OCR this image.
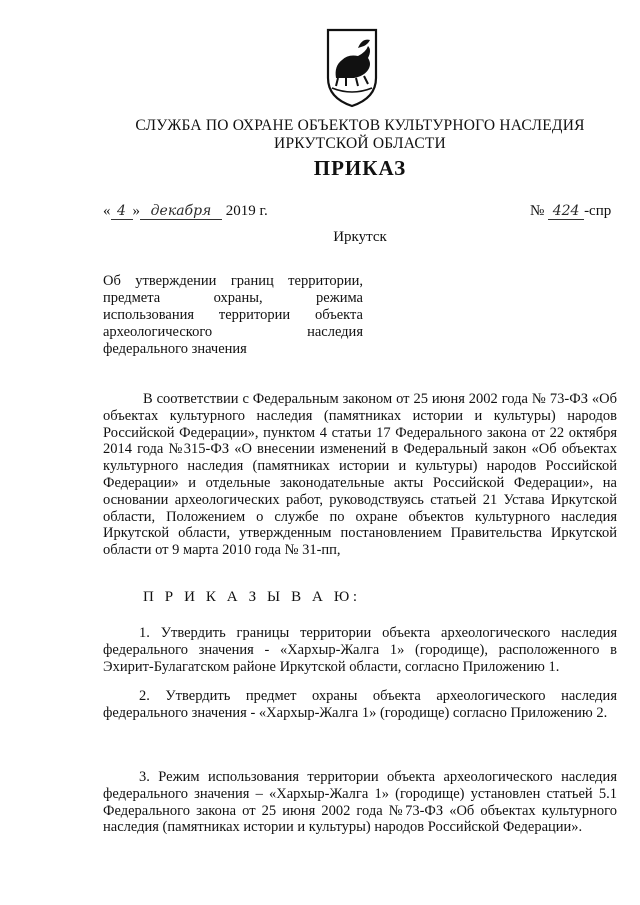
СЛУЖБА ПО ОХРАНЕ ОБЪЕКТОВ КУЛЬТУРНОГО НАСЛЕДИЯ
ИРКУТСКОЙ ОБЛАСТИ
ПРИКАЗ
« 4 » декабря 2019 г.	№ 424 -спр
Иркутск
Об утверждении границ территории,
предмета охраны, режима
использования территории объекта
археологического наследия
федерального значения
В соответствии с Федеральным законом от 25 июня 2002 года № 73-ФЗ «Об объектах культурного наследия (памятниках истории и культуры) народов Российской Федерации», пунктом 4 статьи 17 Федерального закона от 22 октября 2014 года №315-ФЗ «О внесении изменений в Федеральный закон «Об объектах культурного наследия (памятниках истории и культуры) народов Российской Федерации» и отдельные законодательные акты Российской Федерации», на основании археологических работ, руководствуясь статьей 21 Устава Иркутской области, Положением о службе по охране объектов культурного наследия Иркутской области, утвержденным постановлением Правительства Иркутской области от 9 марта 2010 года № 31-пп,
П Р И К А З Ы В А Ю:
1. Утвердить границы территории объекта археологического наследия федерального значения - «Хархыр-Жалга 1» (городище), расположенного в Эхирит-Булагатском районе Иркутской области, согласно Приложению 1.
2. Утвердить предмет охраны объекта археологического наследия федерального значения - «Хархыр-Жалга 1» (городище) согласно Приложению 2.
3. Режим использования территории объекта археологического наследия федерального значения – «Хархыр-Жалга 1» (городище) установлен статьей 5.1 Федерального закона от 25 июня 2002 года №73-ФЗ «Об объектах культурного наследия (памятниках истории и культуры) народов Российской Федерации».
